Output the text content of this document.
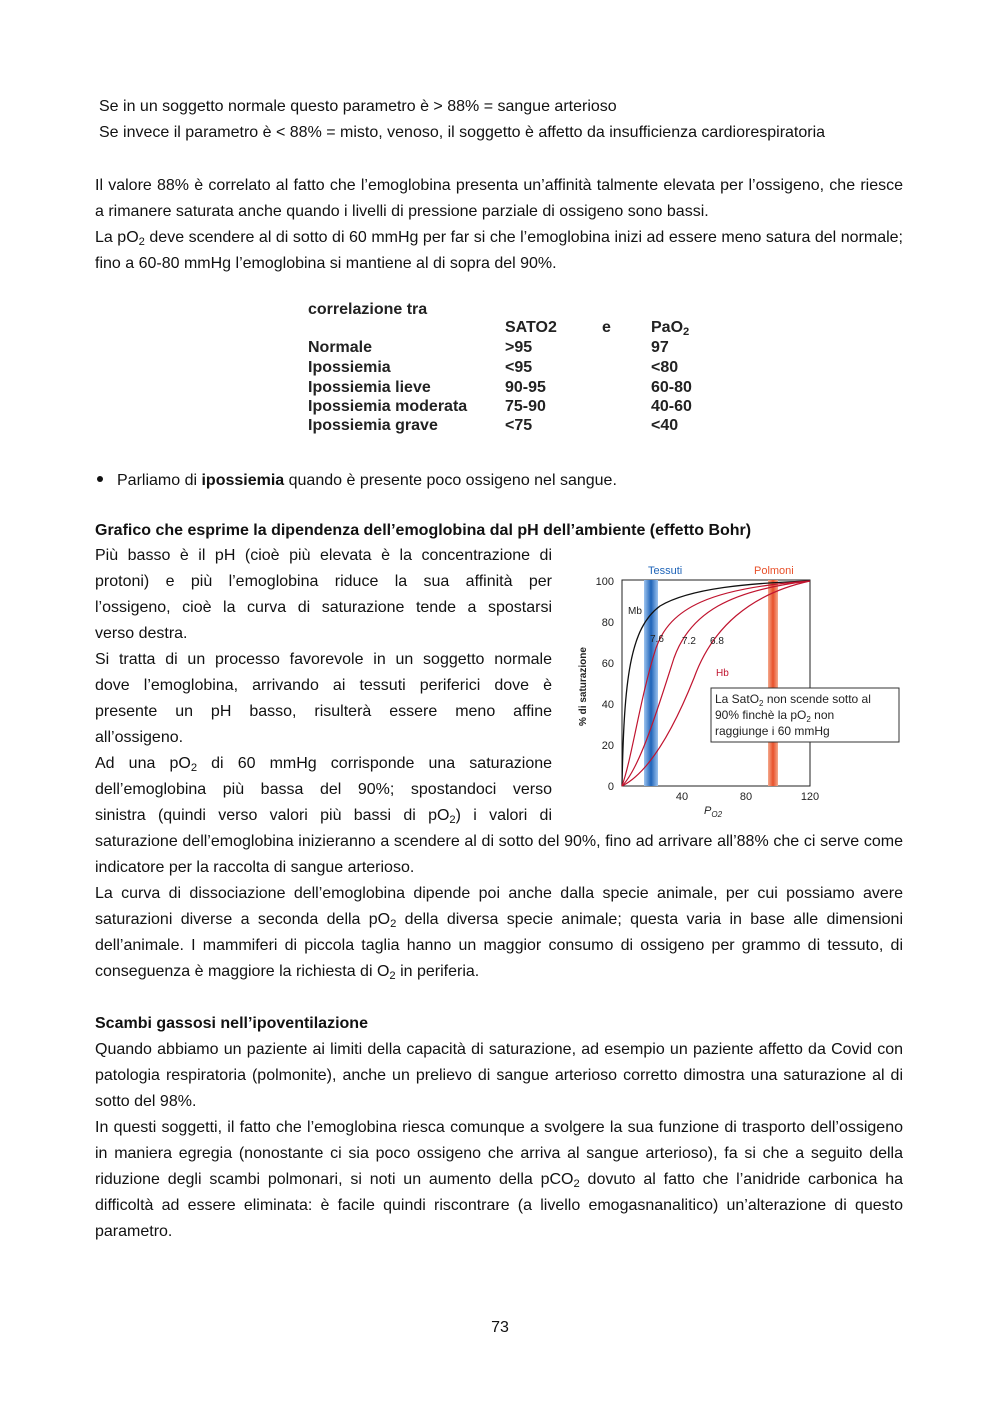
Se in un soggetto normale questo parametro è > 88% = sangue arterioso
Se invece il parametro è < 88% = misto, venoso, il soggetto è affetto da insufficienza cardiorespiratoria

Il valore 88% è correlato al fatto che l’emoglobina presenta un’affinità talmente elevata per l’ossigeno, che riesce a rimanere saturata anche quando i livelli di pressione parziale di ossigeno sono bassi.

La $pO_2$ deve scendere al di sotto di 60 mmHg per far si che l’emoglobina inizi ad essere meno satura del normale; fino a 60-80 mmHg l’emoglobina si mantiene al di sopra del 90%.

correlazione tra
SATO2	e	PaO$_2$
Normale	>95	97
Ipossiemia	<95	<80
Ipossiemia lieve	90-95	60-80
Ipossiemia moderata 75-90	40-60
Ipossiemia grave	<75	<40
Parliamo di ipossiemia quando è presente poco ossigeno nel sangue.
Grafico che esprime la dipendenza dell’emoglobina dal pH dell’ambiente (effetto Bohr)
Più basso è il pH (cioè più elevata è la concentrazione di
protoni) e più l’emoglobina riduce la sua affinità per
l’ossigeno, cioè la curva di saturazione tende a spostarsi
verso destra.
Si tratta di un processo favorevole in un soggetto normale
dove l’emoglobina, arrivando ai tessuti periferici dove è
presente un pH basso, risulterà essere meno affine
all’ossigeno.
Ad una $pO_2$ di 60 mmHg corrisponde una saturazione
dell’emoglobina più bassa del 90%; spostandoci verso
sinistra (quindi verso valori più bassi di $pO_2$) i valori di

saturazione dell’emoglobina inizieranno a scendere al di sotto del 90%, fino ad arrivare all’88% che ci serve come indicatore per la raccolta di sangue arterioso.

La curva di dissociazione dell’emoglobina dipende poi anche dalla specie animale, per cui possiamo avere saturazioni diverse a seconda della $pO_2$ della diversa specie animale; questa varia in base alle dimensioni dell’animale. I mammiferi di piccola taglia hanno un maggior consumo di ossigeno per grammo di tessuto, di conseguenza è maggiore la richiesta di $O_2$ in periferia.

Tessuti	Polmoni
100
80
60
40
20
0
40	80	120
$P_{O2}$
% di saturazione
Mb
7.6 7.2 6.8
Hb
La SatO$_2$ non scende sotto al
90% finchè la $pO_2$ non
raggiunge i 60 mmHg
Scambi gassosi nell’ipoventilazione

Quando abbiamo un paziente ai limiti della capacità di saturazione, ad esempio un paziente affetto da Covid con patologia respiratoria (polmonite), anche un prelievo di sangue arterioso corretto dimostra una saturazione al di sotto del 98%.

In questi soggetti, il fatto che l’emoglobina riesca comunque a svolgere la sua funzione di trasporto dell’ossigeno in maniera egregia (nonostante ci sia poco ossigeno che arriva al sangue arterioso), fa si che a seguito della riduzione degli scambi polmonari, si noti un aumento della pCO$_2$ dovuto al fatto che l’anidride carbonica ha difficoltà ad essere eliminata: è facile quindi riscontrare (a livello emogasnanalitico) un’alterazione di questo parametro.

73
